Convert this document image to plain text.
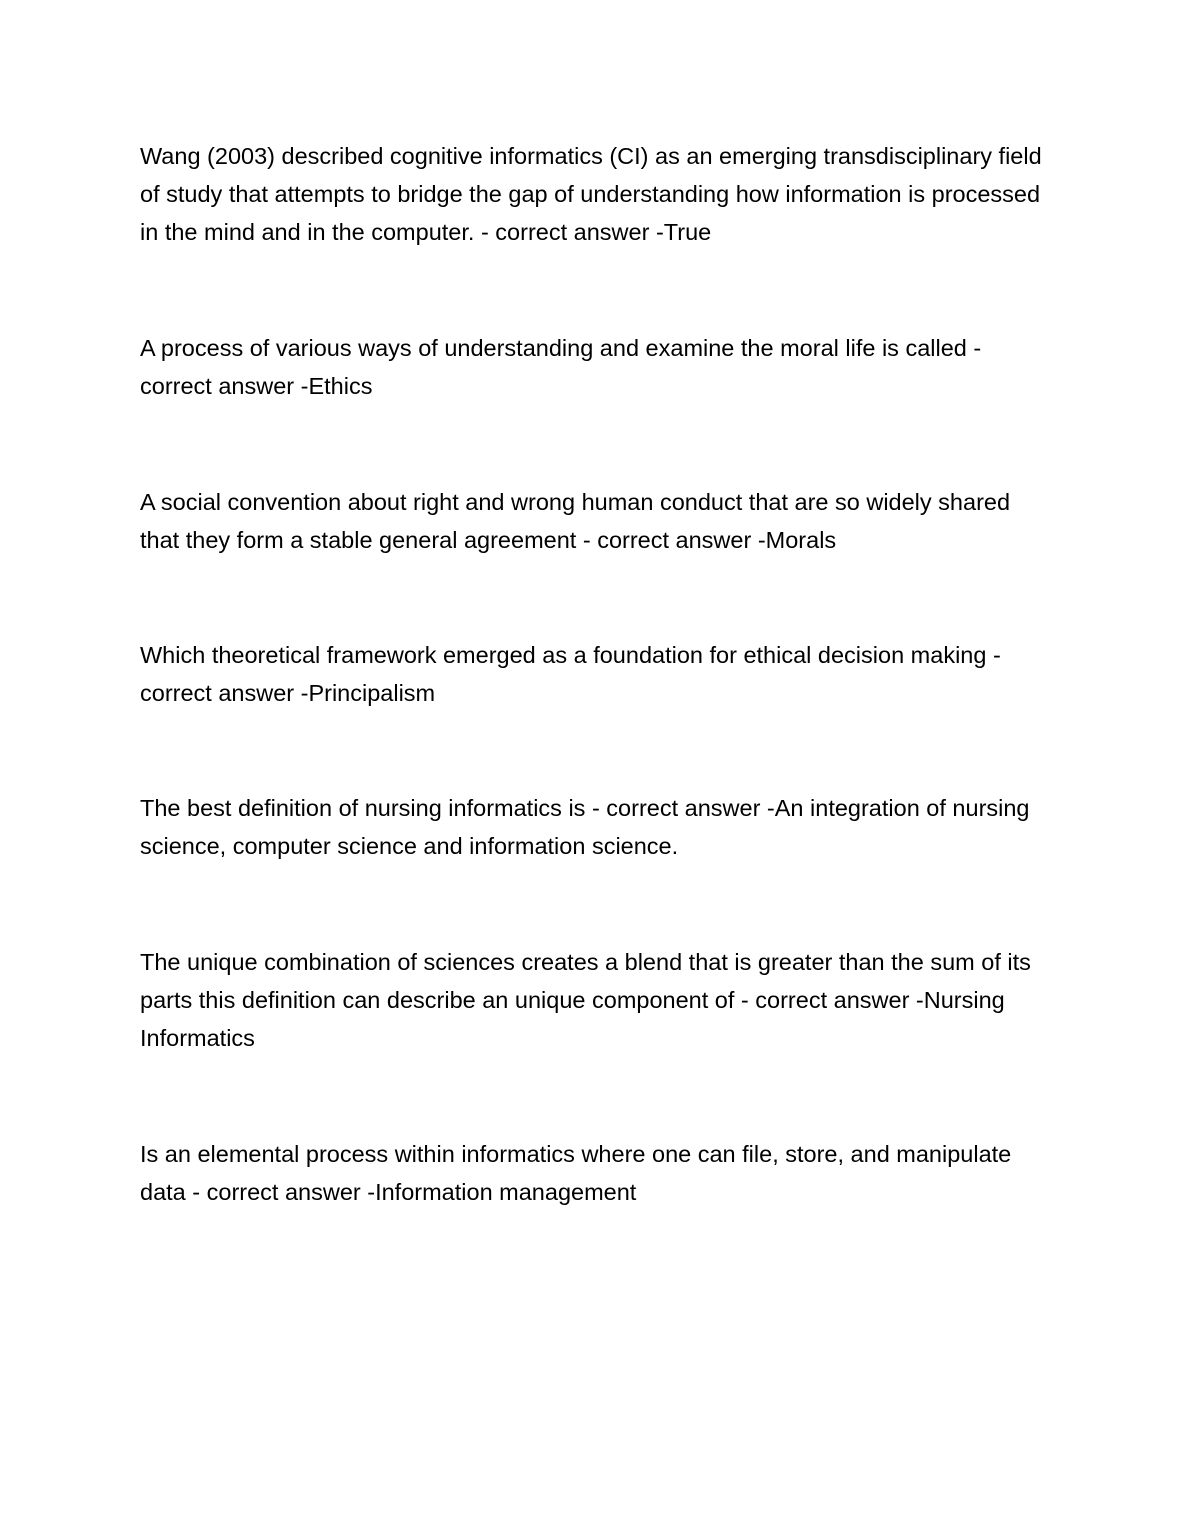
Wang (2003) described cognitive informatics (CI) as an emerging transdisciplinary field of study that attempts to bridge the gap of understanding how information is processed in the mind and in the computer. - correct answer -True

A process of various ways of understanding and examine the moral life is called - correct answer -Ethics

A social convention about right and wrong human conduct that are so widely shared that they form a stable general agreement - correct answer -Morals

Which theoretical framework emerged as a foundation for ethical decision making - correct answer -Principalism

The best definition of nursing informatics is - correct answer -An integration of nursing science, computer science and information science.

The unique combination of sciences creates a blend that is greater than the sum of its parts this definition can describe an unique component of - correct answer -Nursing Informatics

Is an elemental process within informatics where one can file, store, and manipulate data - correct answer -Information management
